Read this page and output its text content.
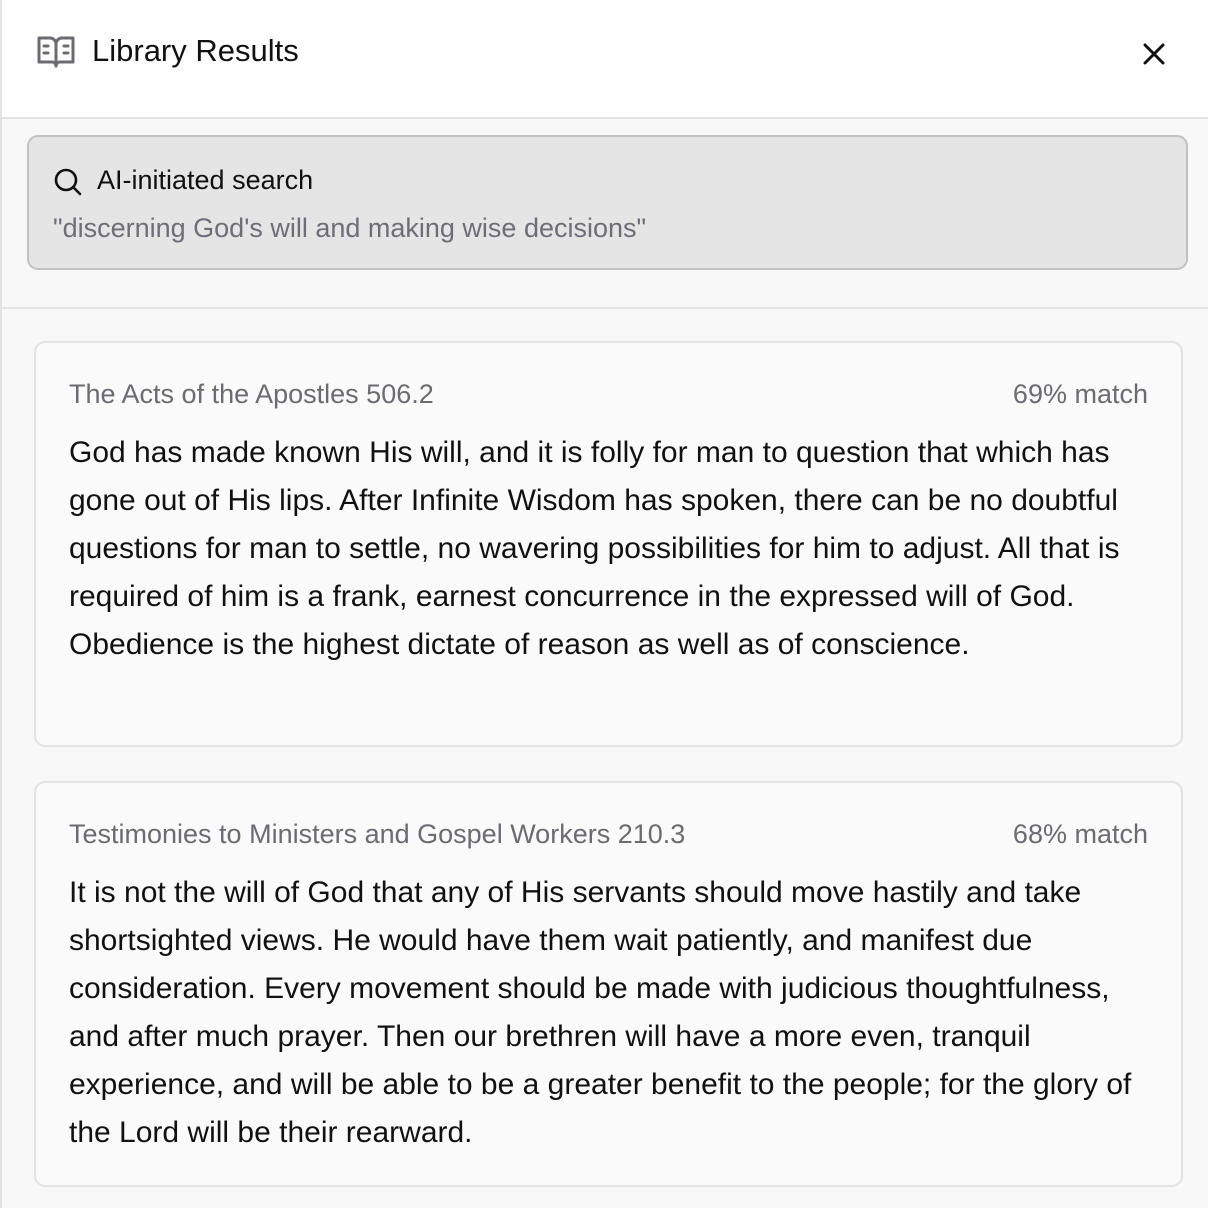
Library Results
AI-initiated search
"discerning God's will and making wise decisions"
The Acts of the Apostles 506.2	69% match
God has made known His will, and it is folly for man to question that which has gone out of His lips. After Infinite Wisdom has spoken, there can be no doubtful questions for man to settle, no wavering possibilities for him to adjust. All that is required of him is a frank, earnest concurrence in the expressed will of God. Obedience is the highest dictate of reason as well as of conscience.
Testimonies to Ministers and Gospel Workers 210.3	68% match
It is not the will of God that any of His servants should move hastily and take shortsighted views. He would have them wait patiently, and manifest due consideration. Every movement should be made with judicious thoughtfulness, and after much prayer. Then our brethren will have a more even, tranquil experience, and will be able to be a greater benefit to the people; for the glory of the Lord will be their rearward.
